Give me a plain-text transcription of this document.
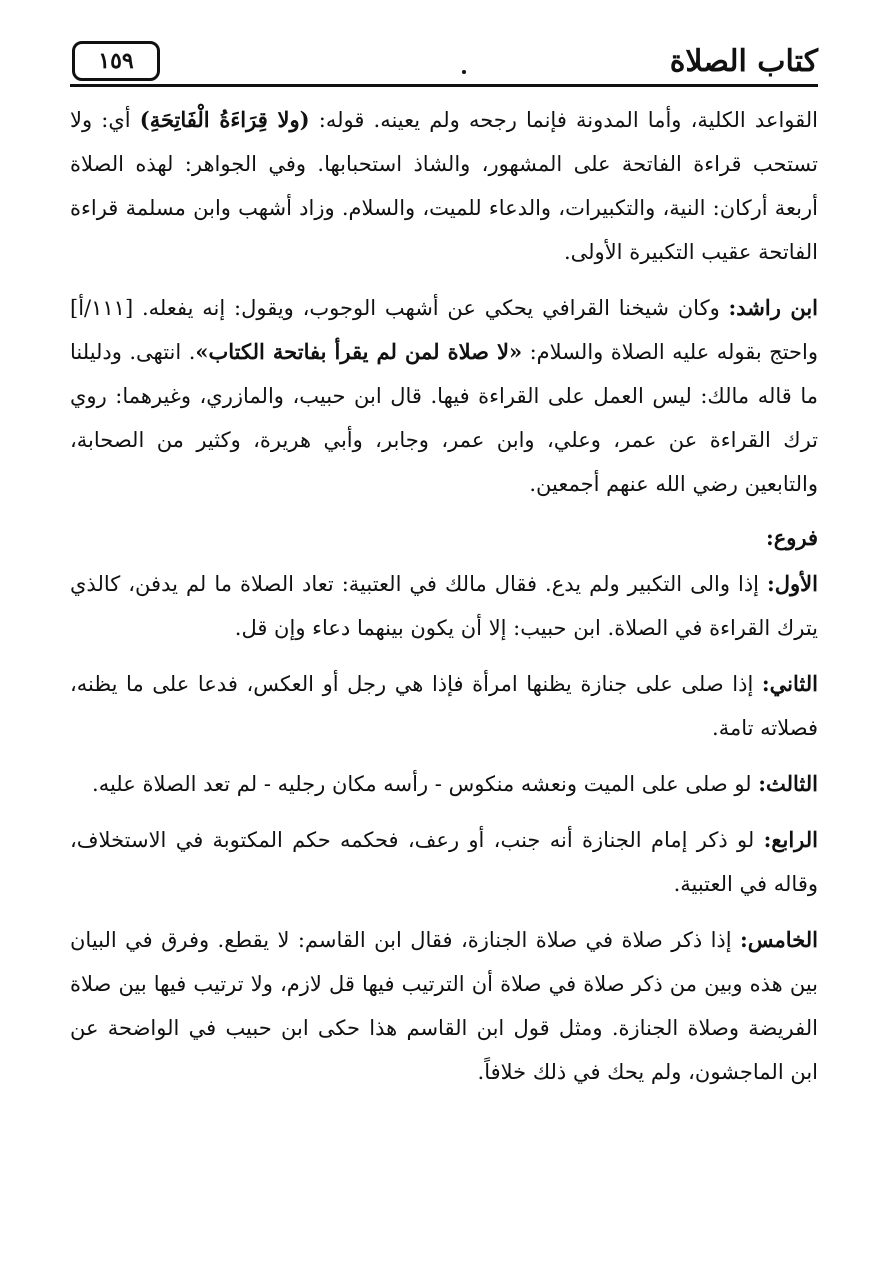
كتاب الصلاة
١٥٩

القواعد الكلية، وأما المدونة فإنما رجحه ولم يعينه. قوله: (ولا قِرَاءَةُ الْفَاتِحَةِ) أي: ولا تستحب قراءة الفاتحة على المشهور، والشاذ استحبابها. وفي الجواهر: لهذه الصلاة أربعة أركان: النية، والتكبيرات، والدعاء للميت، والسلام. وزاد أشهب وابن مسلمة قراءة الفاتحة عقيب التكبيرة الأولى.

ابن راشد: وكان شيخنا القرافي يحكي عن أشهب الوجوب، ويقول: إنه يفعله. [١١١/أ] واحتج بقوله عليه الصلاة والسلام: «لا صلاة لمن لم يقرأ بفاتحة الكتاب». انتهى. ودليلنا ما قاله مالك: ليس العمل على القراءة فيها. قال ابن حبيب، والمازري، وغيرهما: روي ترك القراءة عن عمر، وعلي، وابن عمر، وجابر، وأبي هريرة، وكثير من الصحابة، والتابعين رضي الله عنهم أجمعين.

فروع:

الأول: إذا والى التكبير ولم يدع. فقال مالك في العتبية: تعاد الصلاة ما لم يدفن، كالذي يترك القراءة في الصلاة. ابن حبيب: إلا أن يكون بينهما دعاء وإن قل.

الثاني: إذا صلى على جنازة يظنها امرأة فإذا هي رجل أو العكس، فدعا على ما يظنه، فصلاته تامة.

الثالث: لو صلى على الميت ونعشه منكوس - رأسه مكان رجليه - لم تعد الصلاة عليه.

الرابع: لو ذكر إمام الجنازة أنه جنب، أو رعف، فحكمه حكم المكتوبة في الاستخلاف، وقاله في العتبية.

الخامس: إذا ذكر صلاة في صلاة الجنازة، فقال ابن القاسم: لا يقطع. وفرق في البيان بين هذه وبين من ذكر صلاة في صلاة أن الترتيب فيها قل لازم، ولا ترتيب فيها بين صلاة الفريضة وصلاة الجنازة. ومثل قول ابن القاسم هذا حكى ابن حبيب في الواضحة عن ابن الماجشون، ولم يحك في ذلك خلافاً.
